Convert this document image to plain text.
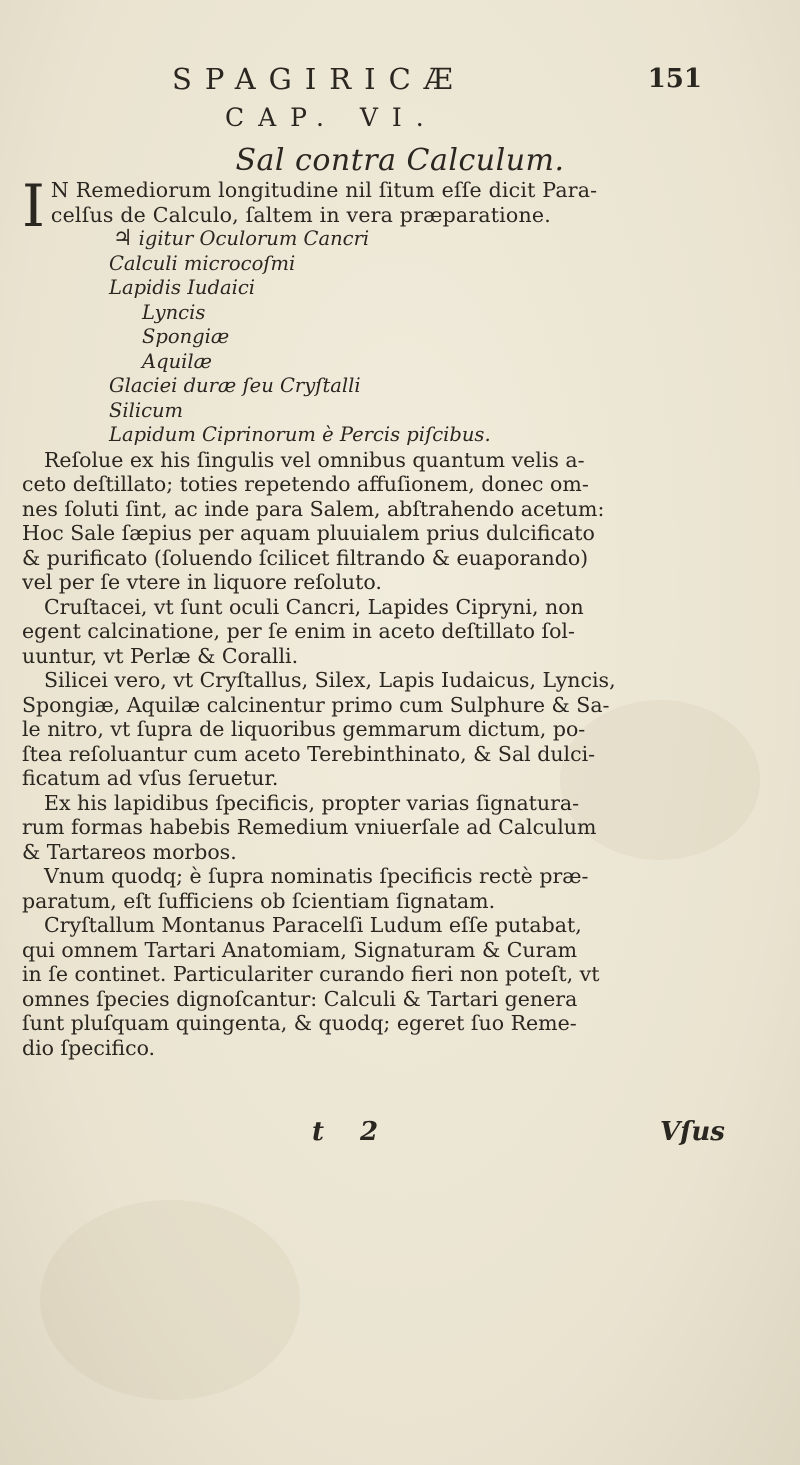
SPAGIRICÆ	151
CAP. VI.
Sal contra Calculum.
I N Remediorum longitudine nil ſitum eſſe dicit Para-
celſus de Calculo, ſaltem in vera præparatione.
♃ igitur Oculorum Cancri
Calculi microcoſmi
Lapidis Iudaici
Lyncis
Spongiæ
Aquilæ
Glaciei duræ ſeu Cryſtalli
Silicum
Lapidum Ciprinorum è Percis piſcibus.
Reſolue ex his ſingulis vel omnibus quantum velis a-
ceto deſtillato; toties repetendo affuſionem, donec om-
nes ſoluti ſint, ac inde para Salem, abſtrahendo acetum:
Hoc Sale ſæpius per aquam pluuialem prius dulcificato
& purificato (ſoluendo ſcilicet filtrando & euaporando)
vel per ſe vtere in liquore reſoluto.
Cruſtacei, vt ſunt oculi Cancri, Lapides Cipryni, non
egent calcinatione, per ſe enim in aceto deſtillato ſol-
uuntur, vt Perlæ & Coralli.
Silicei vero, vt Cryſtallus, Silex, Lapis Iudaicus, Lyncis,
Spongiæ, Aquilæ calcinentur primo cum Sulphure & Sa-
le nitro, vt ſupra de liquoribus gemmarum dictum, po-
ſtea reſoluantur cum aceto Terebinthinato, & Sal dulci-
ficatum ad vſus ſeruetur.
Ex his lapidibus ſpecificis, propter varias ſignatura-
rum formas habebis Remedium vniuerſale ad Calculum
& Tartareos morbos.
Vnum quodq; è ſupra nominatis ſpecificis rectè præ-
paratum, eſt ſufficiens ob ſcientiam ſignatam.
Cryſtallum Montanus Paracelſi Ludum eſſe putabat,
qui omnem Tartari Anatomiam, Signaturam & Curam
in ſe continet. Particulariter curando fieri non poteſt, vt
omnes ſpecies dignoſcantur: Calculi & Tartari genera
ſunt pluſquam quingenta, & quodq; egeret ſuo Reme-
dio ſpecifico.
t 2	Vſus
